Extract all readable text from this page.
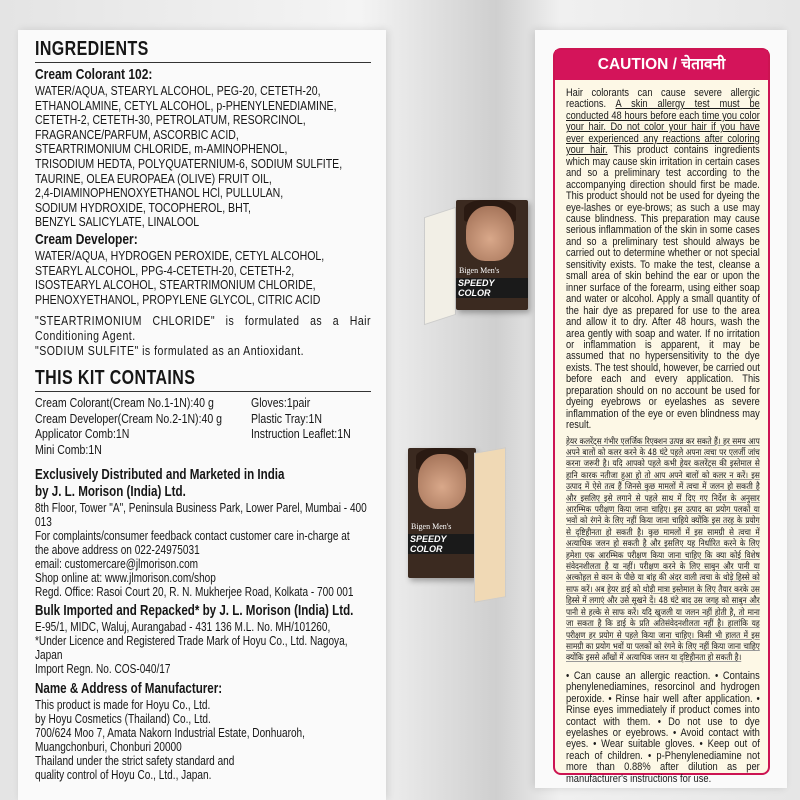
INGREDIENTS
Cream Colorant 102:
WATER/AQUA, STEARYL ALCOHOL, PEG-20, CETETH-20,
ETHANOLAMINE, CETYL ALCOHOL, p-PHENYLENEDIAMINE,
CETETH-2, CETETH-30, PETROLATUM, RESORCINOL,
FRAGRANCE/PARFUM, ASCORBIC ACID,
STEARTRIMONIUM CHLORIDE, m-AMINOPHENOL,
TRISODIUM HEDTA, POLYQUATERNIUM-6, SODIUM SULFITE,
TAURINE, OLEA EUROPAEA (OLIVE) FRUIT OIL,
2,4-DIAMINOPHENOXYETHANOL HCl, PULLULAN,
SODIUM HYDROXIDE, TOCOPHEROL, BHT,
BENZYL SALICYLATE, LINALOOL
Cream Developer:
WATER/AQUA, HYDROGEN PEROXIDE, CETYL ALCOHOL,
STEARYL ALCOHOL, PPG-4-CETETH-20, CETETH-2,
ISOSTEARYL ALCOHOL, STEARTRIMONIUM CHLORIDE,
PHENOXYETHANOL, PROPYLENE GLYCOL, CITRIC ACID
"STEARTRIMONIUM CHLORIDE" is formulated as a Hair Conditioning Agent.
"SODIUM SULFITE" is formulated as an Antioxidant.
THIS KIT CONTAINS
Cream Colorant(Cream No.1-1N):40 g	Gloves:1pair
Cream Developer(Cream No.2-1N):40 g	Plastic Tray:1N
Applicator Comb:1N	Instruction Leaflet:1N
Mini Comb:1N
Exclusively Distributed and Marketed in India
by J. L. Morison (India) Ltd.
8th Floor, Tower "A", Peninsula Business Park, Lower Parel, Mumbai - 400 013
For complaints/consumer feedback contact customer care in-charge at
the above address on 022-24975031
email: customercare@jlmorison.com
Shop online at: www.jlmorison.com/shop
Regd. Office: Rasoi Court 20, R. N. Mukherjee Road, Kolkata - 700 001
Bulk Imported and Repacked* by J. L. Morison (India) Ltd.
E-95/1, MIDC, Waluj, Aurangabad - 431 136 M.L. No. MH/101260,
*Under Licence and Registered Trade Mark of Hoyu Co., Ltd. Nagoya, Japan
Import Regn. No. COS-040/17
Name & Address of Manufacturer:
This product is made for Hoyu Co., Ltd.
by Hoyu Cosmetics (Thailand) Co., Ltd.
700/624 Moo 7, Amata Nakorn Industrial Estate, Donhuaroh,
Muangchonburi, Chonburi 20000
Thailand under the strict safety standard and
quality control of Hoyu Co., Ltd., Japan.
Bigen Men's
SPEEDY COLOR
Bigen Men's
SPEEDY COLOR
CAUTION / चेतावनी
Hair colorants can cause severe allergic reactions. A skin allergy test must be conducted 48 hours before each time you color your hair. Do not color your hair if you have ever experienced any reactions after coloring your hair. This product contains ingredients which may cause skin irritation in certain cases and so a preliminary test according to the accompanying direction should first be made. This product should not be used for dyeing the eye-lashes or eye-brows; as such a use may cause blindness. This preparation may cause serious inflammation of the skin in some cases and so a preliminary test should always be carried out to determine whether or not special sensitivity exists. To make the test, cleanse a small area of skin behind the ear or upon the inner surface of the forearm, using either soap and water or alcohol. Apply a small quantity of the hair dye as prepared for use to the area and allow it to dry. After 48 hours, wash the area gently with soap and water. If no irritation or inflammation is apparent, it may be assumed that no hypersensitivity to the dye exists. The test should, however, be carried out before each and every application. This preparation should on no account be used for dyeing eyebrows or eyelashes as severe inflammation of the eye or even blindness may result.
हेयर कलरेंट्स गंभीर एलर्जिक रिएक्शन उत्पन्न कर सकते हैं। हर समय आप अपने बालों को कलर करने के 48 घंटे पहले अपना त्वचा पर एलर्जी जांच करना जरूरी है। यदि आपको पहले कभी हेयर कलरेंट्स की इस्तेमाल से हानि कारक नतीजा हुआ हो तो आप अपने बालों को कलर न करें। इस उत्पाद में ऐसे तत्व हैं जिनसे कुछ मामलों में त्वचा में जलन हो सकती है और इसलिए इसे लगाने से पहले साथ में दिए गए निर्देश के अनुसार आरम्भिक परीक्षण किया जाना चाहिए। इस उत्पाद का प्रयोग पलकों या भवों को रंगने के लिए नहीं किया जाना चाहिये क्योंकि इस तरह के प्रयोग से दृष्टिहीनता हो सकती है। कुछ मामलों में इस सामग्री से त्वचा में अत्याधिक जलन हो सकती है और इसलिए यह निर्धारित करने के लिए हमेशा एक आरम्भिक परीक्षण किया जाना चाहिए कि क्या कोई विशेष संवेदनशीलता है या नहीं। परीक्षण करने के लिए साबुन और पानी या अल्कोहल से कान के पीछे या बांह की अंदर वाली त्वचा के थोड़े हिस्से को साफ करें। अब हेयर डाई को थोड़ी मात्रा इस्तेमाल के लिए तैयार करके उस हिस्से में लगाएं और उसे सूखने दें। 48 घंटे बाद उस जगह को साबुन और पानी से हल्के से साफ करें। यदि खुजली या जलन नहीं होती है, तो माना जा सकता है कि डाई के प्रति अतिसंवेदनशीलता नहीं है। हालांकि यह परीक्षण हर प्रयोग से पहले किया जाना चाहिए। किसी भी हालत में इस सामग्री का प्रयोग भवों या पलकों को रंगने के लिए नहीं किया जाना चाहिए क्योंकि इससे आँखों में अत्याधिक जलन या दृष्टिहीनता हो सकती है।
• Can cause an allergic reaction. • Contains phenylenediamines, resorcinol and hydrogen peroxide. • Rinse hair well after application. • Rinse eyes immediately if product comes into contact with them. • Do not use to dye eyelashes or eyebrows. • Avoid contact with eyes. • Wear suitable gloves. • Keep out of reach of children. • p-Phenylenediamine not more than 0.88% after dilution as per manufacturer's instructions for use.
